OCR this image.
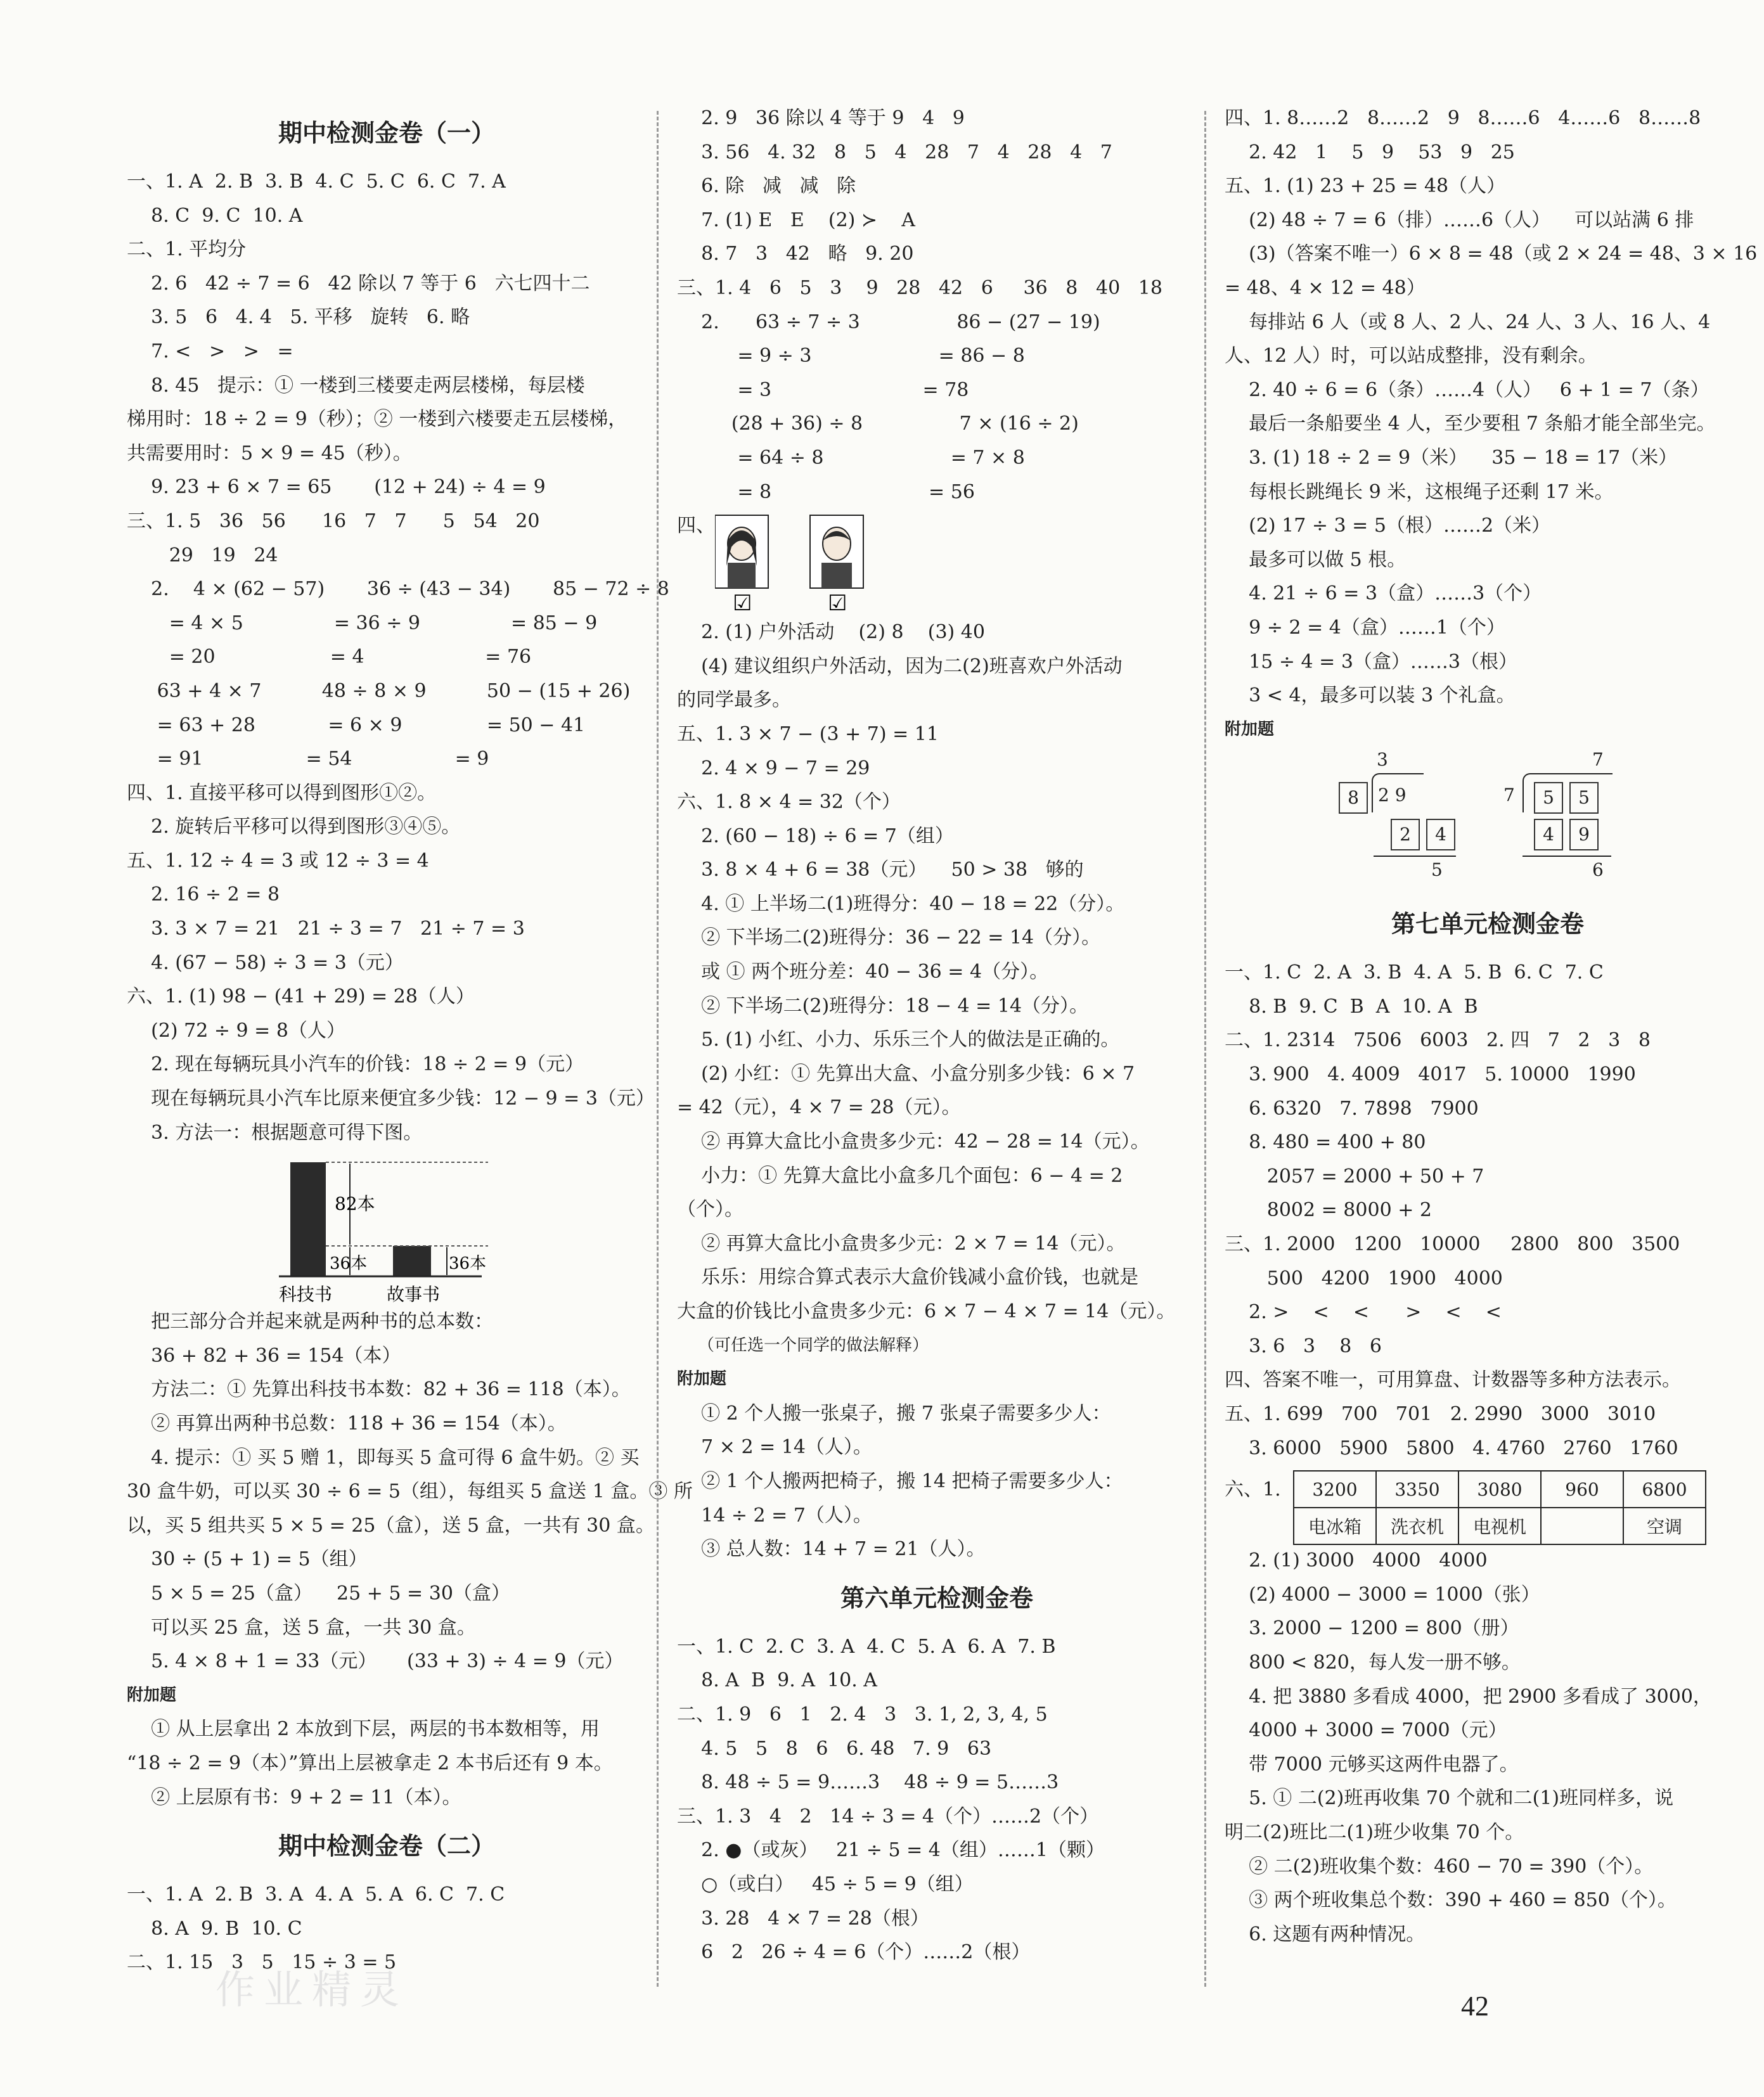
期中检测金卷（一）
一、1. A  2. B  3. B  4. C  5. C  6. C  7. A
8. C  9. C  10. A
二、1. 平均分
2. 6   42 ÷ 7 = 6   42 除以 7 等于 6   六七四十二
3. 5   6   4. 4   5. 平移   旋转   6. 略
7. <   >   >   =
8. 45   提示：① 一楼到三楼要走两层楼梯，每层楼
梯用时：18 ÷ 2 = 9（秒）；② 一楼到六楼要走五层楼梯，
共需要用时：5 × 9 = 45（秒）。
9. 23 + 6 × 7 = 65       (12 + 24) ÷ 4 = 9
三、1. 5   36   56      16   7   7      5   54   20
29   19   24
2.    4 × (62 − 57)       36 ÷ (43 − 34)       85 − 72 ÷ 8
= 4 × 5               = 36 ÷ 9               = 85 − 9
= 20                   = 4                    = 76
63 + 4 × 7          48 ÷ 8 × 9          50 − (15 + 26)
= 63 + 28            = 6 × 9              = 50 − 41
= 91                 = 54                 = 9
四、1. 直接平移可以得到图形①②。
2. 旋转后平移可以得到图形③④⑤。
五、1. 12 ÷ 4 = 3 或 12 ÷ 3 = 4
2. 16 ÷ 2 = 8
3. 3 × 7 = 21   21 ÷ 3 = 7   21 ÷ 7 = 3
4. (67 − 58) ÷ 3 = 3（元）
六、1. (1) 98 − (41 + 29) = 28（人）
(2) 72 ÷ 9 = 8（人）
2. 现在每辆玩具小汽车的价钱：18 ÷ 2 = 9（元）
现在每辆玩具小汽车比原来便宜多少钱：12 − 9 = 3（元）
3. 方法一：根据题意可得下图。
82本
36本	36本
科技书	故事书
把三部分合并起来就是两种书的总本数：
36 + 82 + 36 = 154（本）
方法二：① 先算出科技书本数：82 + 36 = 118（本）。
② 再算出两种书总数：118 + 36 = 154（本）。
4. 提示：① 买 5 赠 1，即每买 5 盒可得 6 盒牛奶。② 买
30 盒牛奶，可以买 30 ÷ 6 = 5（组），每组买 5 盒送 1 盒。③ 所
以，买 5 组共买 5 × 5 = 25（盒），送 5 盒，一共有 30 盒。
30 ÷ (5 + 1) = 5（组）
5 × 5 = 25（盒）    25 + 5 = 30（盒）
可以买 25 盒，送 5 盒，一共 30 盒。
5. 4 × 8 + 1 = 33（元）     (33 + 3) ÷ 4 = 9（元）
附加题
① 从上层拿出 2 本放到下层，两层的书本数相等，用
“18 ÷ 2 = 9（本）”算出上层被拿走 2 本书后还有 9 本。
② 上层原有书：9 + 2 = 11（本）。
期中检测金卷（二）
一、1. A  2. B  3. A  4. A  5. A  6. C  7. C
8. A  9. B  10. C
二、1. 15   3   5   15 ÷ 3 = 5
2. 9   36 除以 4 等于 9   4   9
3. 56   4. 32   8   5   4   28   7   4   28   4   7
6. 除   减   减   除
7. (1) E   E    (2) ≻    A
8. 7   3   42   略   9. 20
三、1. 4   6   5   3    9   28   42   6     36   8   40   18
2.      63 ÷ 7 ÷ 3                86 − (27 − 19)
= 9 ÷ 3                     = 86 − 8
= 3                         = 78
(28 + 36) ÷ 8                7 × (16 ÷ 2)
= 64 ÷ 8                     = 7 × 8
= 8                          = 56
四、
☑	☑
2. (1) 户外活动    (2) 8    (3) 40
(4) 建议组织户外活动，因为二(2)班喜欢户外活动
的同学最多。
五、1. 3 × 7 − (3 + 7) = 11
2. 4 × 9 − 7 = 29
六、1. 8 × 4 = 32（个）
2. (60 − 18) ÷ 6 = 7（组）
3. 8 × 4 + 6 = 38（元）    50 > 38   够的
4. ① 上半场二(1)班得分：40 − 18 = 22（分）。
② 下半场二(2)班得分：36 − 22 = 14（分）。
或 ① 两个班分差：40 − 36 = 4（分）。
② 下半场二(2)班得分：18 − 4 = 14（分）。
5. (1) 小红、小力、乐乐三个人的做法是正确的。
(2) 小红：① 先算出大盒、小盒分别多少钱：6 × 7
= 42（元），4 × 7 = 28（元）。
② 再算大盒比小盒贵多少元：42 − 28 = 14（元）。
小力：① 先算大盒比小盒多几个面包：6 − 4 = 2
（个）。
② 再算大盒比小盒贵多少元：2 × 7 = 14（元）。
乐乐：用综合算式表示大盒价钱减小盒价钱，也就是
大盒的价钱比小盒贵多少元：6 × 7 − 4 × 7 = 14（元）。
（可任选一个同学的做法解释）
附加题
① 2 个人搬一张桌子，搬 7 张桌子需要多少人：
7 × 2 = 14（人）。
② 1 个人搬两把椅子，搬 14 把椅子需要多少人：
14 ÷ 2 = 7（人）。
③ 总人数：14 + 7 = 21（人）。
第六单元检测金卷
一、1. C  2. C  3. A  4. C  5. A  6. A  7. B
8. A  B  9. A  10. A
二、1. 9   6   1   2. 4   3   3. 1, 2, 3, 4, 5
4. 5   5   8   6   6. 48   7. 9   63
8. 48 ÷ 5 = 9……3    48 ÷ 9 = 5……3
三、1. 3   4   2   14 ÷ 3 = 4（个）……2（个）
2. ●（或灰）   21 ÷ 5 = 4（组）……1（颗）
○（或白）   45 ÷ 5 = 9（组）
3. 28   4 × 7 = 28（根）
6   2   26 ÷ 4 = 6（个）……2（根）
四、1. 8……2   8……2   9   8……6   4……6   8……8
2. 42   1    5   9    53   9   25
五、1. (1) 23 + 25 = 48（人）
(2) 48 ÷ 7 = 6（排）……6（人）    可以站满 6 排
(3)（答案不唯一）6 × 8 = 48（或 2 × 24 = 48、3 × 16
= 48、4 × 12 = 48）
每排站 6 人（或 8 人、2 人、24 人、3 人、16 人、4
人、12 人）时，可以站成整排，没有剩余。
2. 40 ÷ 6 = 6（条）……4（人）   6 + 1 = 7（条）
最后一条船要坐 4 人，至少要租 7 条船才能全部坐完。
3. (1) 18 ÷ 2 = 9（米）    35 − 18 = 17（米）
每根长跳绳长 9 米，这根绳子还剩 17 米。
(2) 17 ÷ 3 = 5（根）……2（米）
最多可以做 5 根。
4. 21 ÷ 6 = 3（盒）……3（个）
9 ÷ 2 = 4（盒）……1（个）
15 ÷ 4 = 3（盒）……3（根）
3 < 4，最多可以装 3 个礼盒。
附加题
3
8	2 9
2	4
5
7
7	5	5
4	9
6
第七单元检测金卷
一、1. C  2. A  3. B  4. A  5. B  6. C  7. C
8. B  9. C  B  A  10. A  B
二、1. 2314   7506   6003   2. 四   7   2   3   8
3. 900   4. 4009   4017   5. 10000   1990
6. 6320   7. 7898   7900
8. 480 = 400 + 80
2057 = 2000 + 50 + 7
8002 = 8000 + 2
三、1. 2000   1200   10000     2800   800   3500
500   4200   1900   4000
2. >    <    <      >    <    <
3. 6   3    8   6
四、答案不唯一，可用算盘、计数器等多种方法表示。
五、1. 699   700   701   2. 2990   3000   3010
3. 6000   5900   5800   4. 4760   2760   1760
六、1. 3200	3350	3080	960	6800
电冰箱	洗衣机	电视机		空调
2. (1) 3000   4000   4000
(2) 4000 − 3000 = 1000（张）
3. 2000 − 1200 = 800（册）
800 < 820，每人发一册不够。
4. 把 3880 多看成 4000，把 2900 多看成了 3000，
4000 + 3000 = 7000（元）
带 7000 元够买这两件电器了。
5. ① 二(2)班再收集 70 个就和二(1)班同样多，说
明二(2)班比二(1)班少收集 70 个。
② 二(2)班收集个数：460 − 70 = 390（个）。
③ 两个班收集总个数：390 + 460 = 850（个）。
6. 这题有两种情况。
作业精灵	42
